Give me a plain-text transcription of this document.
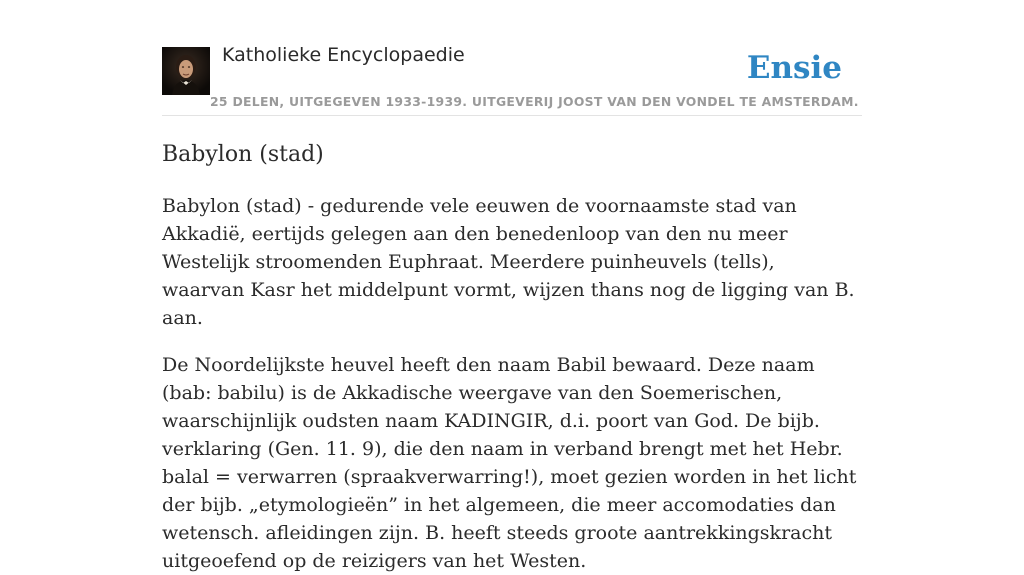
Katholieke Encyclopaedie
25 DELEN, UITGEGEVEN 1933-1939. UITGEVERIJ JOOST VAN DEN VONDEL TE AMSTERDAM.
Ensie
Babylon (stad)

Babylon (stad) - gedurende vele eeuwen de voornaamste stad van Akkadië, eertijds gelegen aan den benedenloop van den nu meer Westelijk stroomenden Euphraat. Meerdere puinheuvels (tells), waarvan Kasr het middelpunt vormt, wijzen thans nog de ligging van B. aan.

De Noordelijkste heuvel heeft den naam Babil bewaard. Deze naam (bab: babilu) is de Akkadische weergave van den Soemerischen, waarschijnlijk oudsten naam KADINGIR, d.i. poort van God. De bijb. verklaring (Gen. 11. 9), die den naam in verband brengt met het Hebr. balal = verwarren (spraakverwarring!), moet gezien worden in het licht der bijb. „etymologieën” in het algemeen, die meer accomodaties dan wetensch. afleidingen zijn. B. heeft steeds groote aantrekkingskracht uitgeoefend op de reizigers van het Westen.
